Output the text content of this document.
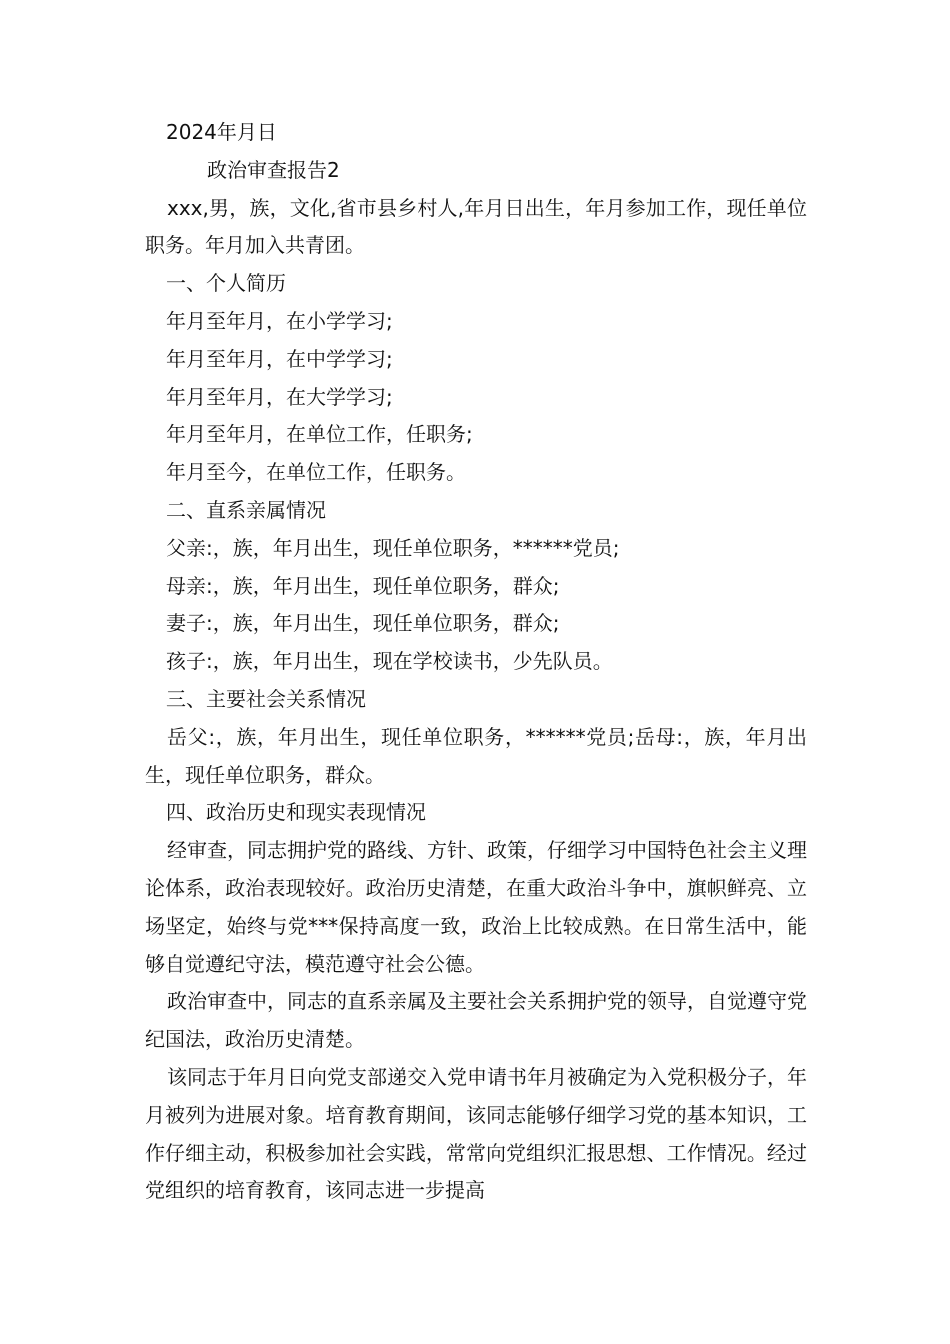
2024年月日

政治审查报告2

xxx,男，族，文化,省市县乡村人,年月日出生，年月参加工作，现任单位职务。年月加入共青团。

一、个人简历

年月至年月，在小学学习;

年月至年月，在中学学习;

年月至年月，在大学学习;

年月至年月，在单位工作，任职务;

年月至今，在单位工作，任职务。

二、直系亲属情况

父亲:，族，年月出生，现任单位职务，******党员;

母亲:，族，年月出生，现任单位职务，群众;

妻子:，族，年月出生，现任单位职务，群众;

孩子:，族，年月出生，现在学校读书，少先队员。

三、主要社会关系情况

岳父:，族，年月出生，现任单位职务，******党员;岳母:，族，年月出生，现任单位职务，群众。

四、政治历史和现实表现情况

经审查，同志拥护党的路线、方针、政策，仔细学习中国特色社会主义理论体系，政治表现较好。政治历史清楚，在重大政治斗争中，旗帜鲜亮、立场坚定，始终与党***保持高度一致，政治上比较成熟。在日常生活中，能够自觉遵纪守法，模范遵守社会公德。

政治审查中，同志的直系亲属及主要社会关系拥护党的领导，自觉遵守党纪国法，政治历史清楚。

该同志于年月日向党支部递交入党申请书年月被确定为入党积极分子，年月被列为进展对象。培育教育期间，该同志能够仔细学习党的基本知识，工作仔细主动，积极参加社会实践，常常向党组织汇报思想、工作情况。经过党组织的培育教育，该同志进一步提高
